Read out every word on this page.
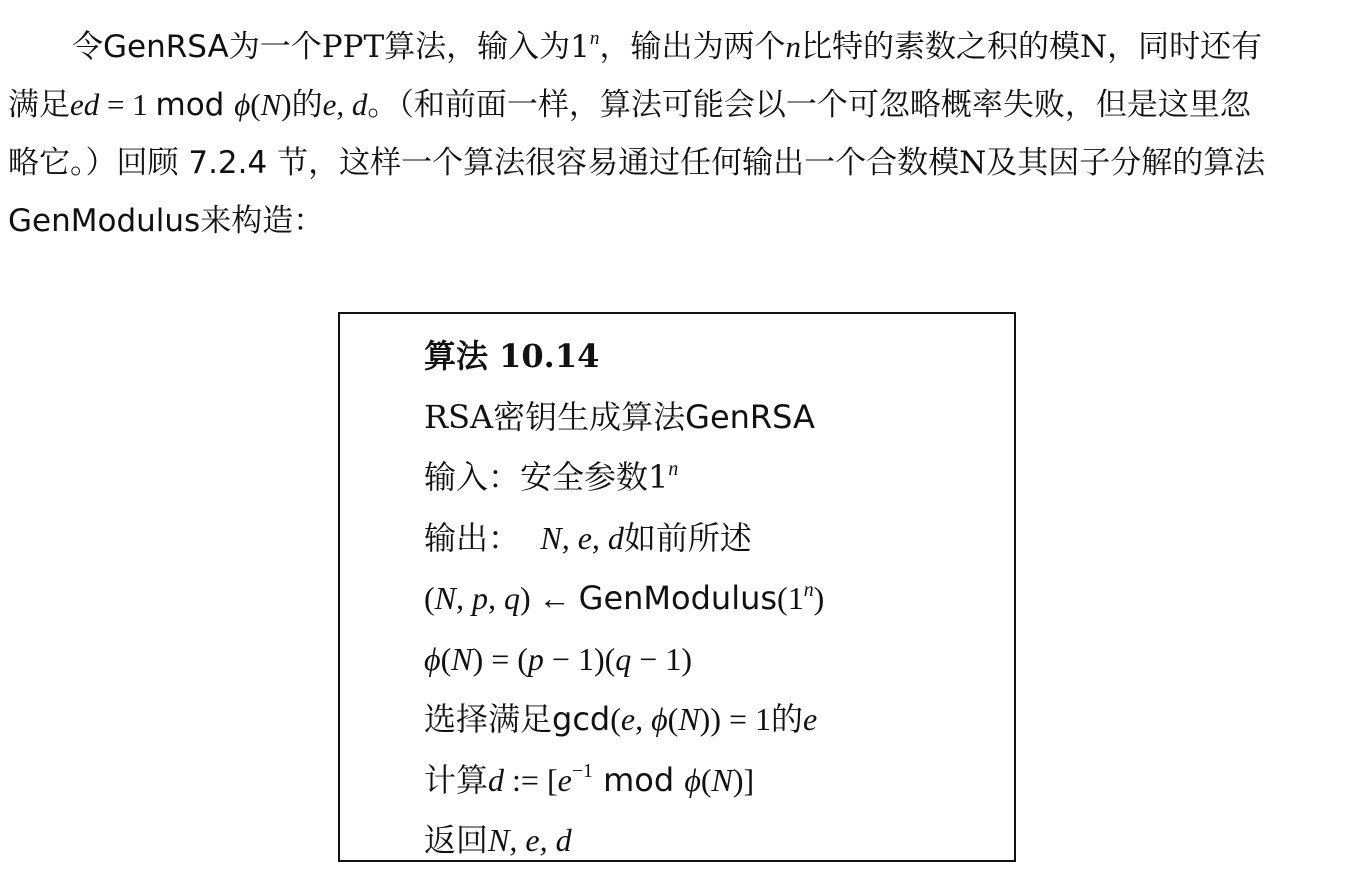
令GenRSA为一个PPT算法，输入为1$^n$，输出为两个n比特的素数之积的模N，同时还有
满足ed = 1 mod ϕ(N)的e, d。（和前面一样，算法可能会以一个可忽略概率失败，但是这里忽
略它。）回顾 7.2.4 节，这样一个算法很容易通过任何输出一个合数模N及其因子分解的算法
GenModulus来构造：
算法 10.14
RSA密钥生成算法GenRSA
输入：安全参数1$^n$
输出：  N, e, d如前所述
(N, p, q) ← GenModulus(1$^n$)
ϕ(N) = (p − 1)(q − 1)
选择满足gcd(e, ϕ(N)) = 1的e
计算d := [$e^{-1}$ mod ϕ(N)]
返回N, e, d
